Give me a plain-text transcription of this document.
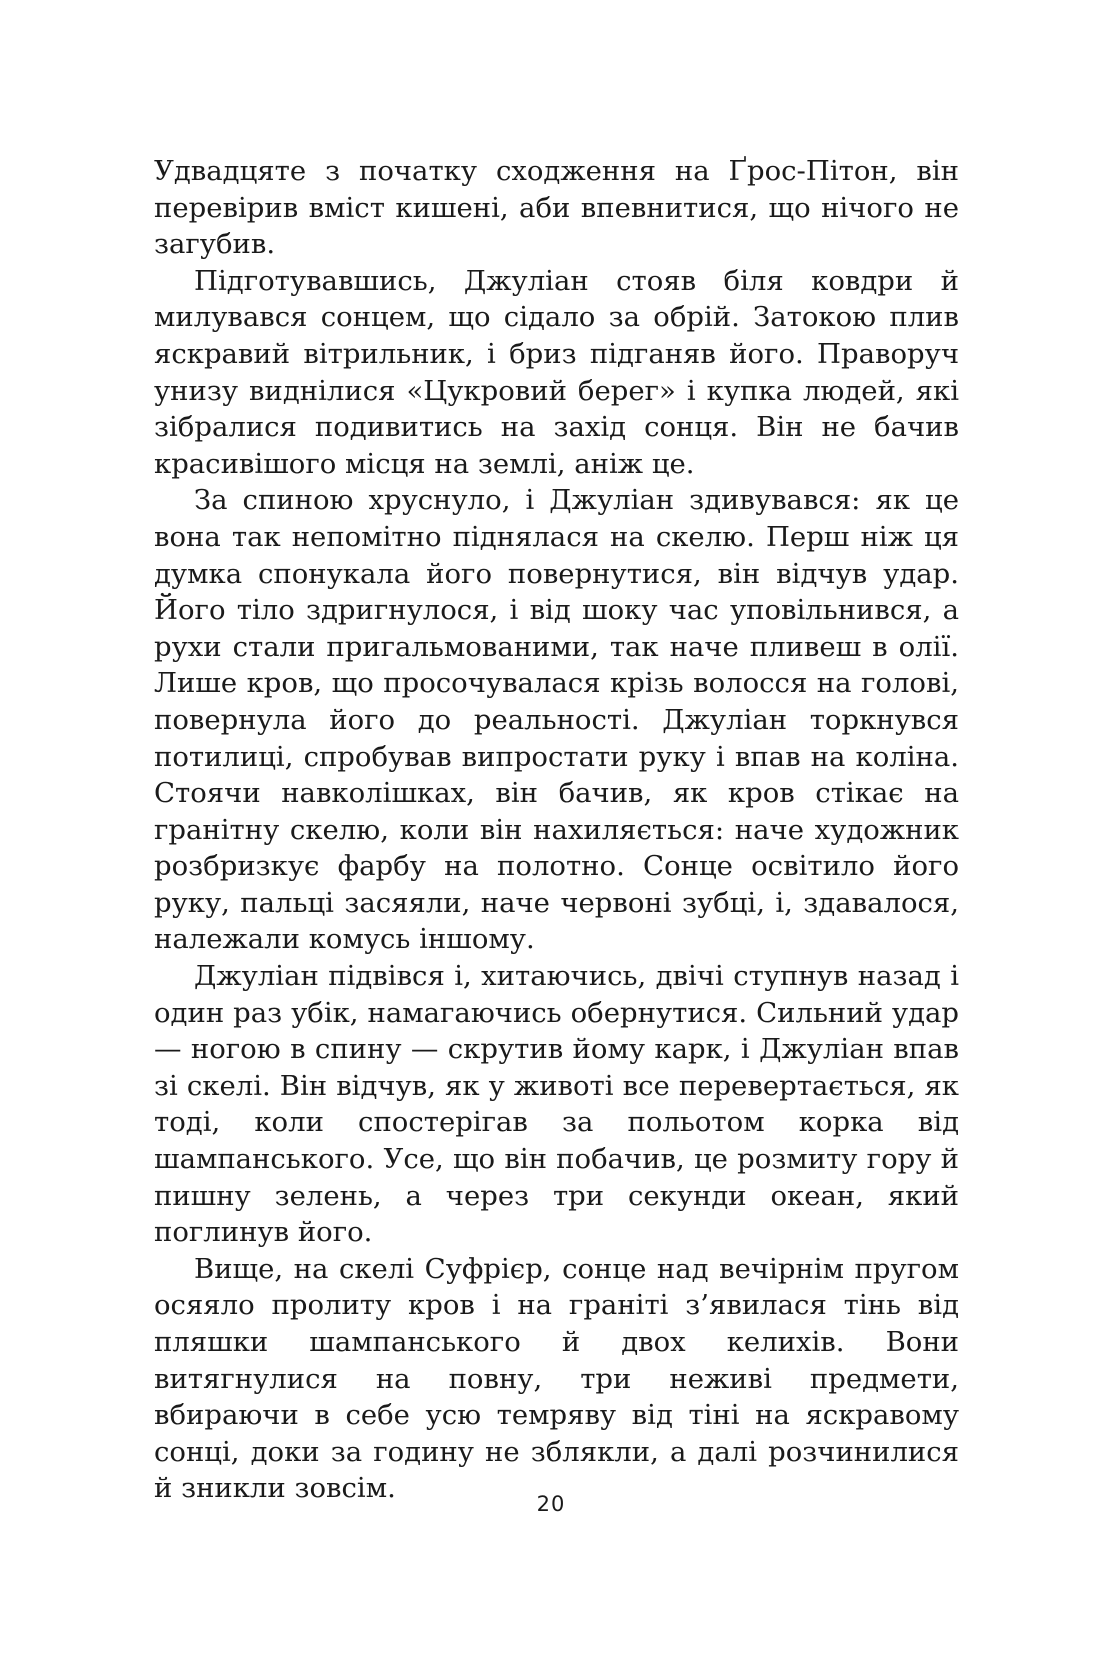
Удвадцяте з початку сходження на Ґрос-Пітон, він перевірив вміст кишені, аби впевнитися, що нічого не загубив.

Підготувавшись, Джуліан стояв біля ковдри й милувався сонцем, що сідало за обрій. Затокою плив яскравий вітрильник, і бриз підганяв його. Праворуч унизу виднілися «Цукровий берег» і купка людей, які зібралися подивитись на захід сонця. Він не бачив красивішого місця на землі, аніж це.

За спиною хруснуло, і Джуліан здивувався: як це вона так непомітно піднялася на скелю. Перш ніж ця думка спонукала його повернутися, він відчув удар. Його тіло здригнулося, і від шоку час уповільнився, а рухи стали пригальмованими, так наче пливеш в олії. Лише кров, що просочувалася крізь волосся на голові, повернула його до реальності. Джуліан торкнувся потилиці, спробував випростати руку і впав на коліна. Стоячи навколішках, він бачив, як кров стікає на гранітну скелю, коли він нахиляється: наче художник розбризкує фарбу на полотно. Сонце освітило його руку, пальці засяяли, наче червоні зубці, і, здавалося, належали комусь іншому.

Джуліан підвівся і, хитаючись, двічі ступнув назад і один раз убік, намагаючись обернутися. Сильний удар — ногою в спину — скрутив йому карк, і Джуліан впав зі скелі. Він відчув, як у животі все перевертається, як тоді, коли спостерігав за польотом корка від шампанського. Усе, що він побачив, це розмиту гору й пишну зелень, а через три секунди океан, який поглинув його.

Вище, на скелі Суфрієр, сонце над вечірнім пругом осяяло пролиту кров і на граніті з’явилася тінь від пляшки шампанського й двох келихів. Вони витягнулися на повну, три неживі предмети, вбираючи в себе усю темряву від тіні на яскравому сонці, доки за годину не зблякли, а далі розчинилися й зникли зовсім.	20
